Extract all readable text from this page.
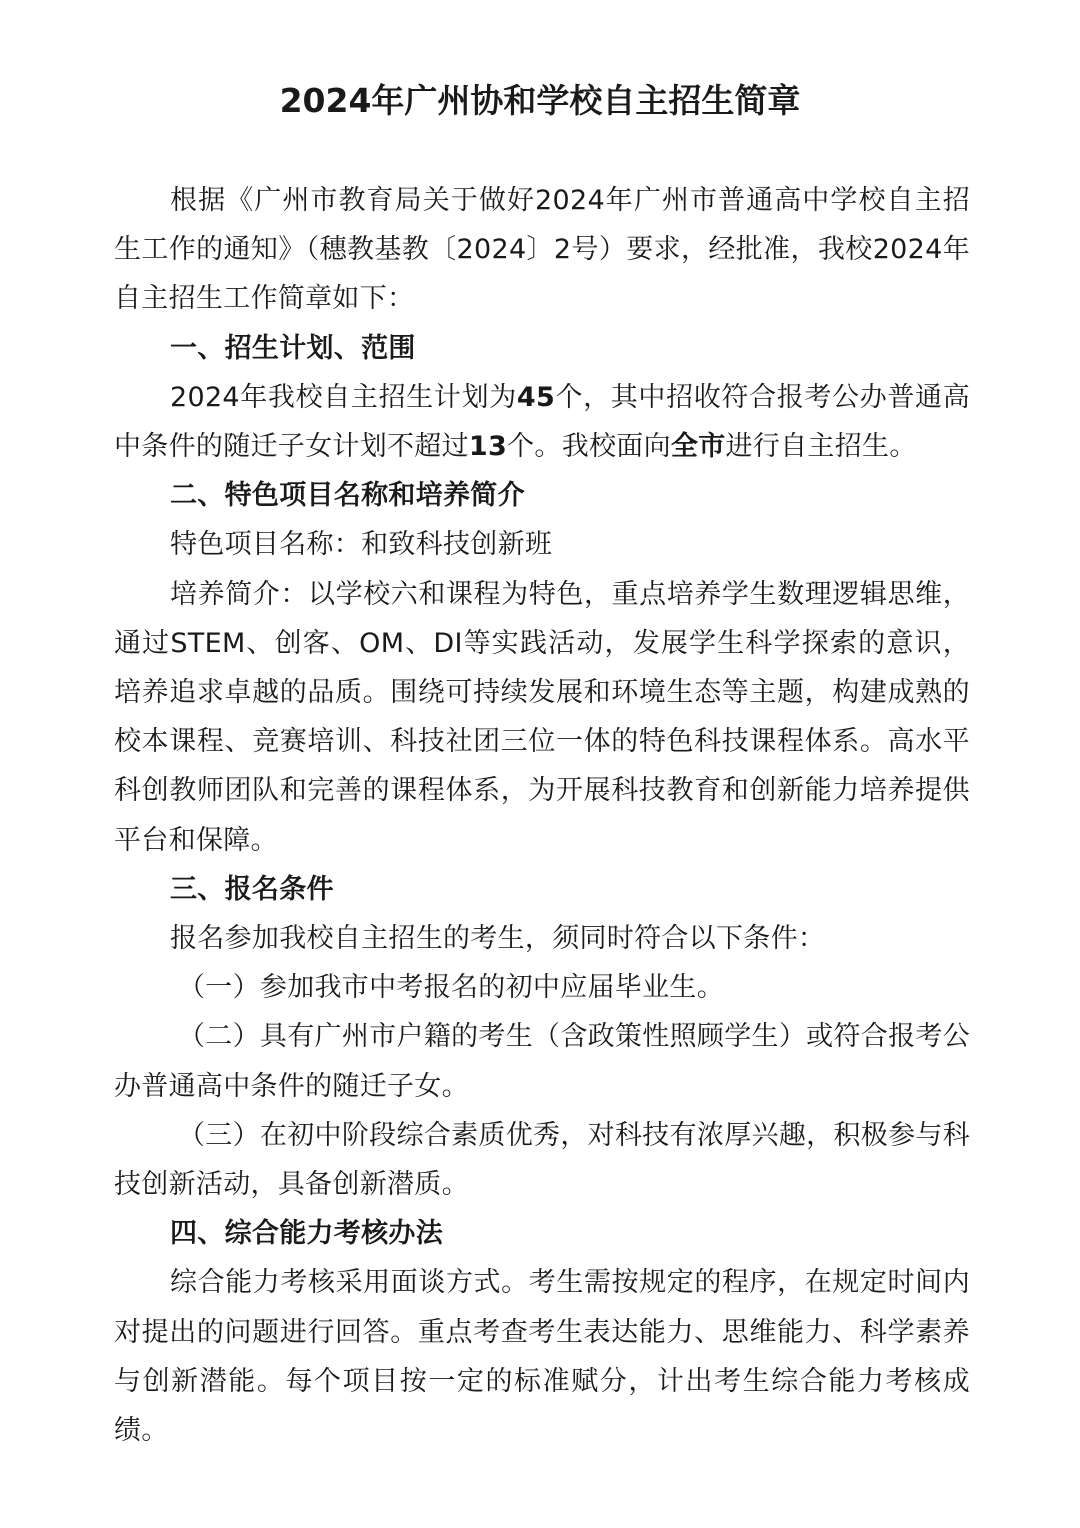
2024年广州协和学校自主招生简章

根据《广州市教育局关于做好2024年广州市普通高中学校自主招生工作的通知》（穗教基教〔2024〕2号）要求，经批准，我校2024年自主招生工作简章如下：

一、招生计划、范围

2024年我校自主招生计划为45个，其中招收符合报考公办普通高中条件的随迁子女计划不超过13个。我校面向全市进行自主招生。

二、特色项目名称和培养简介

特色项目名称：和致科技创新班

培养简介：以学校六和课程为特色，重点培养学生数理逻辑思维，通过STEM、创客、OM、DI等实践活动，发展学生科学探索的意识，培养追求卓越的品质。围绕可持续发展和环境生态等主题，构建成熟的校本课程、竞赛培训、科技社团三位一体的特色科技课程体系。高水平科创教师团队和完善的课程体系，为开展科技教育和创新能力培养提供平台和保障。

三、报名条件

报名参加我校自主招生的考生，须同时符合以下条件：

（一）参加我市中考报名的初中应届毕业生。

（二）具有广州市户籍的考生（含政策性照顾学生）或符合报考公办普通高中条件的随迁子女。

（三）在初中阶段综合素质优秀，对科技有浓厚兴趣，积极参与科技创新活动，具备创新潜质。

四、综合能力考核办法

综合能力考核采用面谈方式。考生需按规定的程序，在规定时间内对提出的问题进行回答。重点考查考生表达能力、思维能力、科学素养与创新潜能。每个项目按一定的标准赋分，计出考生综合能力考核成绩。
